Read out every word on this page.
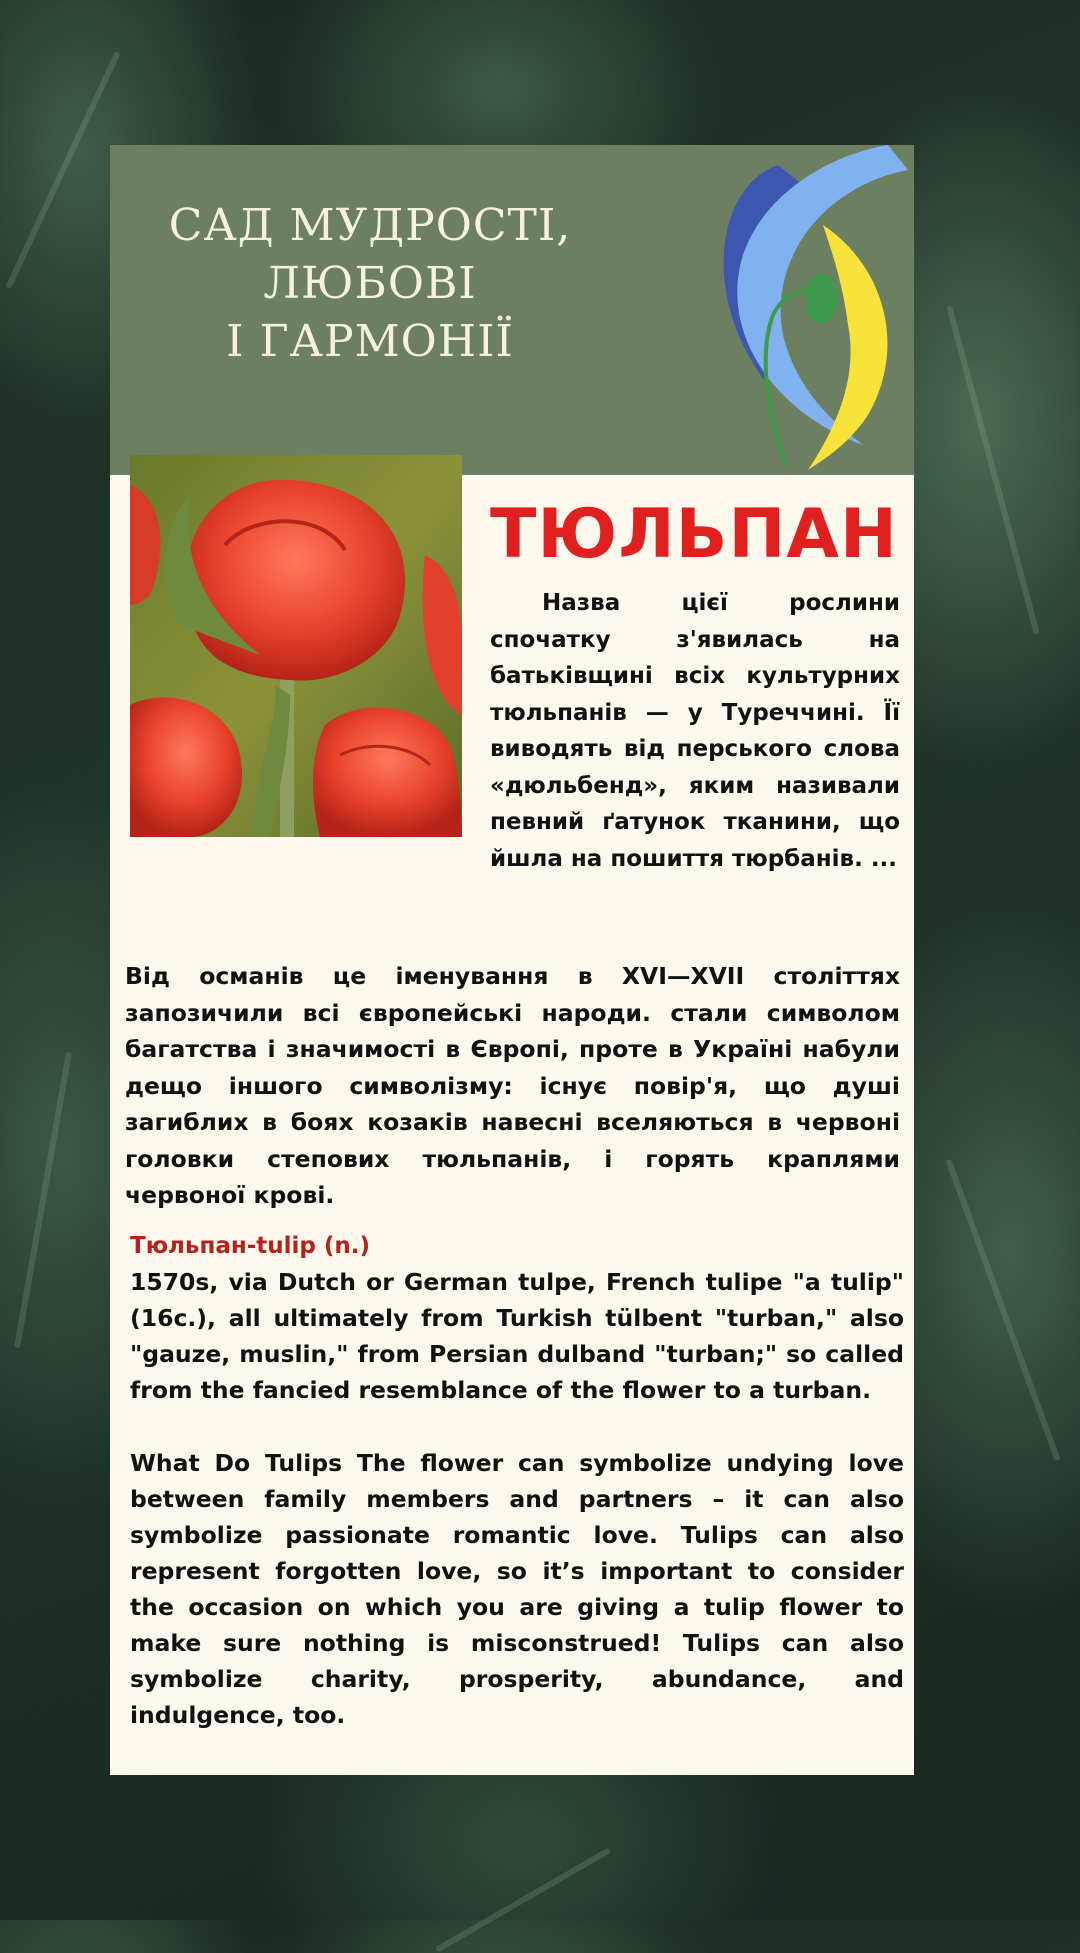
САД МУДРОСТІ,
ЛЮБОВІ
І ГАРМОНІЇ
ТЮЛЬПАН
Назва цієї рослини спочатку з'явилась на батьківщині всіх культурних тюльпанів — у Туреччині. Її виводять від перського слова «дюльбенд», яким називали певний ґатунок тканини, що йшла на пошиття тюрбанів. ...
Від османів це іменування в XVI—XVII століттях запозичили всі європейські народи. стали символом багатства і значимості в Європі, проте в Україні набули дещо іншого символізму: існує повір'я, що душі загиблих в боях козаків навесні вселяються в червоні головки степових тюльпанів, і горять краплями червоної крові.
Тюльпан-tulip (n.)
1570s, via Dutch or German tulpe, French tulipe "a tulip" (16c.), all ultimately from Turkish tülbent "turban," also "gauze, muslin," from Persian dulband "turban;" so called from the fancied resemblance of the flower to a turban.
What Do Tulips The flower can symbolize undying love between family members and partners – it can also symbolize passionate romantic love. Tulips can also represent forgotten love, so it’s important to consider the occasion on which you are giving a tulip flower to make sure nothing is misconstrued! Tulips can also symbolize charity, prosperity, abundance, and indulgence, too.
